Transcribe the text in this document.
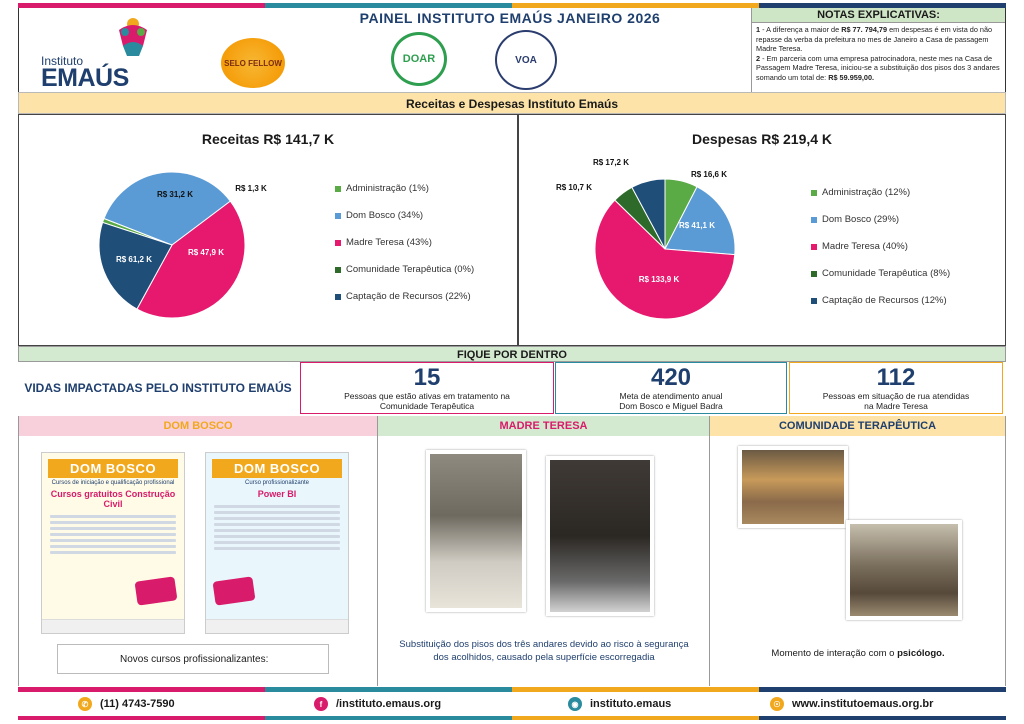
Instituto
EMAÚS
PAINEL INSTITUTO EMAÚS JANEIRO 2026
SELO FELLOW	DOAR	VOA
NOTAS EXPLICATIVAS:

1 - A diferença a maior de R$ 77. 794,79 em despesas é em vista do não repasse da verba da prefeitura no mes de Janeiro a Casa de passagem Madre Teresa.

2 - Em parceria com uma empresa patrocinadora, neste mes na Casa de Passagem Madre Teresa, iniciou-se a substituição dos pisos dos 3 andares somando um total de: R$ 59.959,00.

Receitas e Despesas Instituto Emaús
Receitas R$ 141,7 K
R$ 1,3 K
R$ 47,9 K
R$ 61,2 K
R$ 31,2 K
Administração (1%)
Dom Bosco (34%)
Madre Teresa (43%)
Comunidade Terapêutica (0%)
Captação de Recursos (22%)
Despesas R$ 219,4 K
R$ 16,6 K
R$ 41,1 K
R$ 133,9 K
R$ 10,7 K
R$ 17,2 K
Administração (12%)
Dom Bosco (29%)
Madre Teresa (40%)
Comunidade Terapêutica (8%)
Captação de Recursos (12%)
FIQUE POR DENTRO
VIDAS IMPACTADAS PELO INSTITUTO EMAÚS	15
Pessoas que estão ativas em tratamento na
Comunidade Terapêutica
420
Meta de atendimento anual
Dom Bosco e Miguel Badra
112
Pessoas em situação de rua atendidas
na Madre Teresa
DOM BOSCO
DOM BOSCO
Cursos de iniciação e qualificação profissional
Cursos gratuitos Construção Civil
DOM BOSCO
Curso profissionalizante
Power BI
Novos cursos profissionalizantes:
MADRE TERESA
Substituição dos pisos dos três andares devido ao risco à segurança dos acolhidos, causado pela superfície escorregadia
COMUNIDADE TERAPÊUTICA
Momento de interação com o psicólogo.
✆	(11) 4743-7590	f	/instituto.emaus.org	◉	instituto.emaus	☉	www.institutoemaus.org.br
